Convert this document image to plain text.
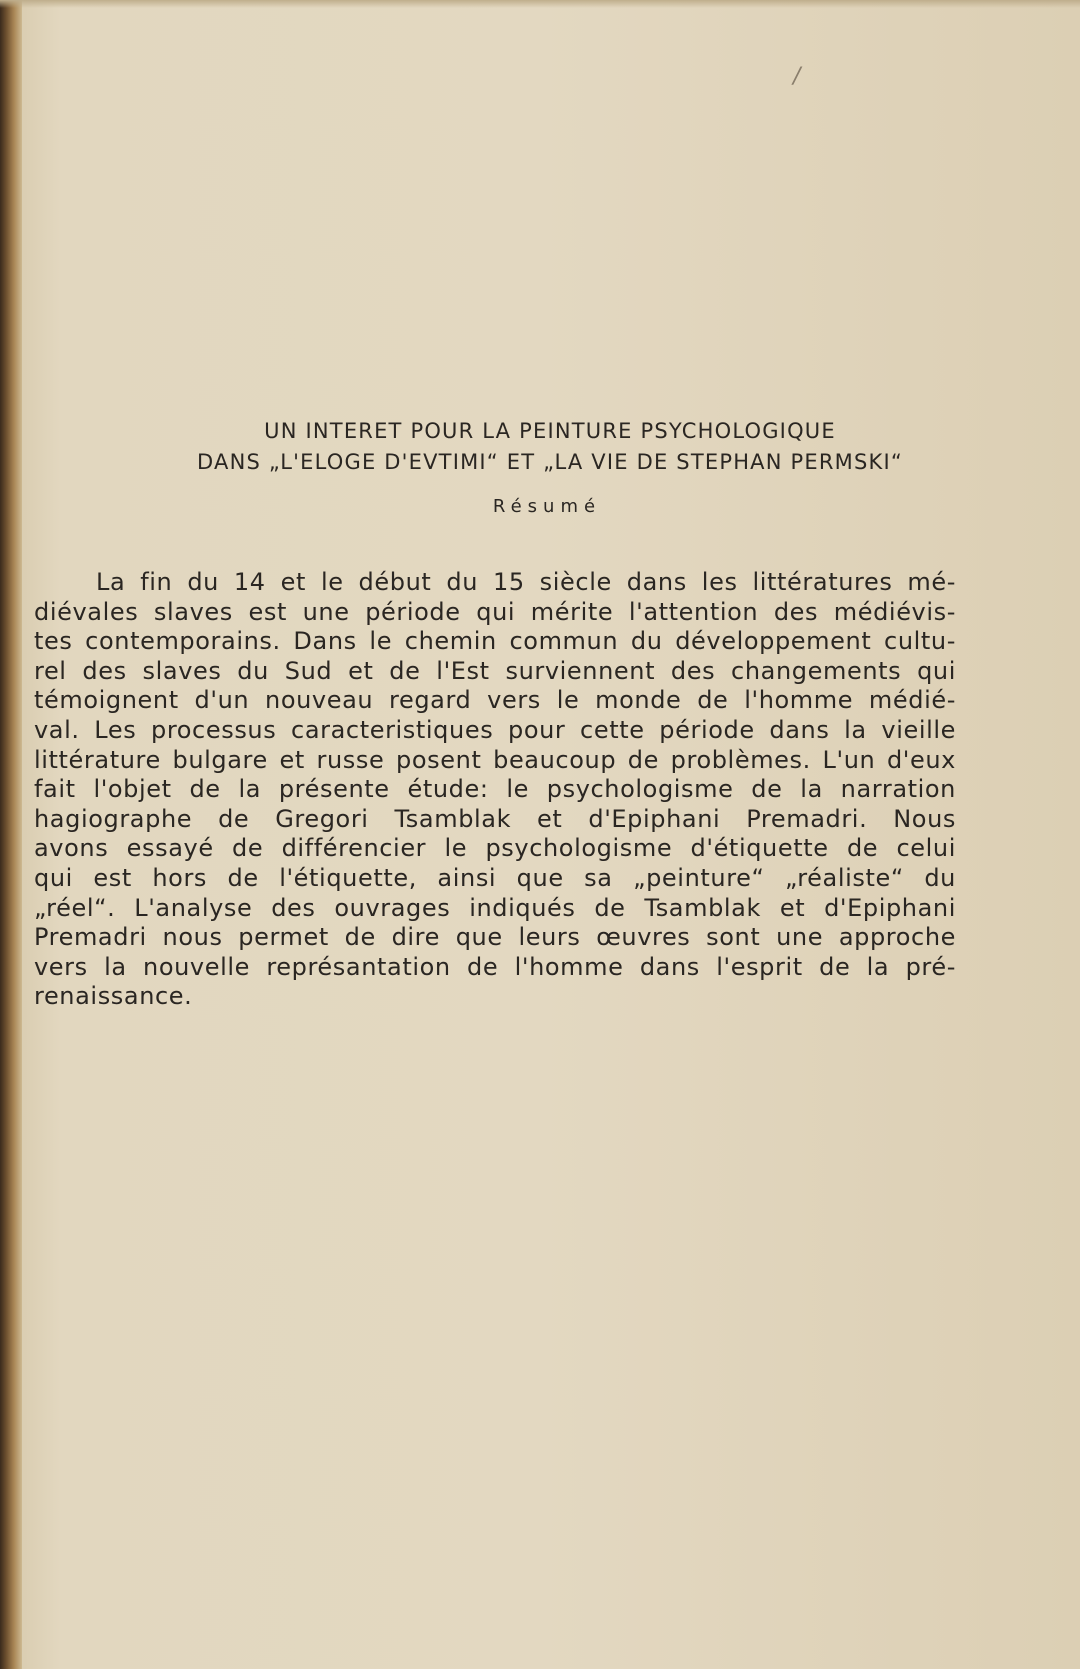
/
UN INTERET POUR LA PEINTURE PSYCHOLOGIQUE
DANS „L'ELOGE D'EVTIMI“ ET „LA VIE DE STEPHAN PERMSKI“
Résumé
La fin du 14 et le début du 15 siècle dans les littératures mé-
diévales slaves est une période qui mérite l'attention des médiévis-
tes contemporains. Dans le chemin commun du développement cultu-
rel des slaves du Sud et de l'Est surviennent des changements qui
témoignent d'un nouveau regard vers le monde de l'homme médié-
val. Les processus caracteristiques pour cette période dans la vieille
littérature bulgare et russe posent beaucoup de problèmes. L'un d'eux
fait l'objet de la présente étude: le psychologisme de la narration
hagiographe de Gregori Tsamblak et d'Epiphani Premadri. Nous
avons essayé de différencier le psychologisme d'étiquette de celui
qui est hors de l'étiquette, ainsi que sa „peinture“ „réaliste“ du
„réel“. L'analyse des ouvrages indiqués de Tsamblak et d'Epiphani
Premadri nous permet de dire que leurs œuvres sont une approche
vers la nouvelle représantation de l'homme dans l'esprit de la pré-
renaissance.
